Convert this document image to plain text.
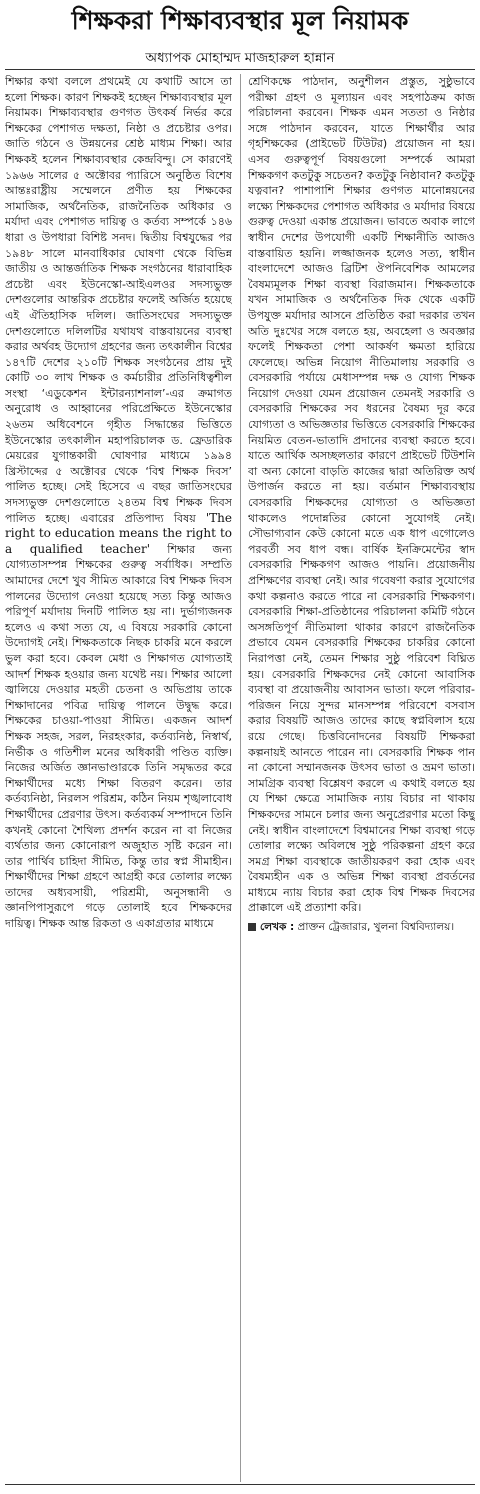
শিক্ষকরা শিক্ষাব্যবস্থার মূল নিয়ামক
অধ্যাপক মোহাম্মদ মাজহারুল হান্নান

শিক্ষার কথা বললে প্রথমেই যে কথাটি আসে তা হলো শিক্ষক। কারণ শিক্ষকই হচ্ছেন শিক্ষাব্যবস্থার মূল নিয়ামক। শিক্ষাব্যবস্থার গুণগত উৎকর্ষ নির্ভর করে শিক্ষকের পেশাগত দক্ষতা, নিষ্ঠা ও প্রচেষ্টার ওপর। জাতি গঠনে ও উন্নয়নের শ্রেষ্ঠ মাধ্যম শিক্ষা। আর শিক্ষকই হলেন শিক্ষাব্যবস্থার কেন্দ্রবিন্দু। সে কারণেই ১৯৬৬ সালের ৫ অক্টোবর প্যারিসে অনুষ্ঠিত বিশেষ আন্তঃরাষ্ট্রীয় সম্মেলনে প্রণীত হয় শিক্ষকের সামাজিক, অর্থনৈতিক, রাজনৈতিক অধিকার ও মর্যাদা এবং পেশাগত দায়িত্ব ও কর্তব্য সম্পর্কে ১৪৬ ধারা ও উপধারা বিশিষ্ট সনদ। দ্বিতীয় বিশ্বযুদ্ধের পর ১৯৪৮ সালে মানবাধিকার ঘোষণা থেকে বিভিন্ন জাতীয় ও আন্তর্জাতিক শিক্ষক সংগঠনের ধারাবাহিক প্রচেষ্টা এবং ইউনেস্কো-আইএলওর সদস্যভুক্ত দেশগুলোর আন্তরিক প্রচেষ্টার ফলেই অর্জিত হয়েছে এই ঐতিহাসিক দলিল। জাতিসংঘের সদস্যভুক্ত দেশগুলোতে দলিলটির যথাযথ বাস্তবায়নের ব্যবস্থা করার অর্থবহ উদ্যোগ গ্রহণের জন্য তৎকালীন বিশ্বের ১৪৭টি দেশের ২১০টি শিক্ষক সংগঠনের প্রায় দুই কোটি ৩০ লাখ শিক্ষক ও কর্মচারীর প্রতিনিধিত্বশীল সংস্থা ‘এডুকেশন ইন্টারন্যাশনাল’-এর ক্রমাগত অনুরোধ ও আহ্বানের পরিপ্রেক্ষিতে ইউনেস্কোর ২৬তম অধিবেশনে গৃহীত সিদ্ধান্তের ভিত্তিতে ইউনেস্কোর তৎকালীন মহাপরিচালক ড. ফ্রেডারিক মেয়রের যুগান্তকারী ঘোষণার মাধ্যমে ১৯৯৪ খ্রিস্টাব্দের ৫ অক্টোবর থেকে ‘বিশ্ব শিক্ষক দিবস’ পালিত হচ্ছে। সেই হিসেবে এ বছর জাতিসংঘের সদস্যভুক্ত দেশগুলোতে ২৪তম বিশ্ব শিক্ষক দিবস পালিত হচ্ছে। এবারের প্রতিপাদ্য বিষয় 'The right to education means the right to a qualified teacher' শিক্ষার জন্য যোগ্যতাসম্পন্ন শিক্ষকের গুরুত্ব সর্বাধিক। সম্প্রতি আমাদের দেশে খুব সীমিত আকারে বিশ্ব শিক্ষক দিবস পালনের উদ্যোগ নেওয়া হয়েছে সত্য কিন্তু আজও পরিপূর্ণ মর্যাদায় দিনটি পালিত হয় না। দুর্ভাগ্যজনক হলেও এ কথা সত্য যে, এ বিষয়ে সরকারি কোনো উদ্যোগই নেই। শিক্ষকতাকে নিছক চাকরি মনে করলে ভুল করা হবে। কেবল মেধা ও শিক্ষাগত যোগ্যতাই আদর্শ শিক্ষক হওয়ার জন্য যথেষ্ট নয়। শিক্ষার আলো জ্বালিয়ে দেওয়ার মহতী চেতনা ও অভিপ্রায় তাকে শিক্ষাদানের পবিত্র দায়িত্ব পালনে উদ্বুদ্ধ করে। শিক্ষকের চাওয়া-পাওয়া সীমিত। একজন আদর্শ শিক্ষক সহজ, সরল, নিরহংকার, কর্তব্যনিষ্ঠ, নিস্বার্থ, নির্ভীক ও গতিশীল মনের অধিকারী পণ্ডিত ব্যক্তি। নিজের অর্জিত জ্ঞানভাণ্ডারকে তিনি সমৃদ্ধতর করে শিক্ষার্থীদের মধ্যে শিক্ষা বিতরণ করেন। তার কর্তব্যনিষ্ঠা, নিরলস পরিশ্রম, কঠিন নিয়ম শৃঙ্খলাবোধ শিক্ষার্থীদের প্রেরণার উৎস। কর্তব্যকর্ম সম্পাদনে তিনি কখনই কোনো শৈথিল্য প্রদর্শন করেন না বা নিজের ব্যর্থতার জন্য কোনোরূপ অজুহাত সৃষ্টি করেন না। তার পার্থিব চাহিদা সীমিত, কিন্তু তার স্বপ্ন সীমাহীন। শিক্ষার্থীদের শিক্ষা গ্রহণে আগ্রহী করে তোলার লক্ষ্যে তাদের অধ্যবসায়ী, পরিশ্রমী, অনুসন্ধানী ও জ্ঞানপিপাসুরূপে গড়ে তোলাই হবে শিক্ষকদের দায়িত্ব। শিক্ষক আন্ত রিকতা ও একাগ্রতার মাধ্যমে

শ্রেণিকক্ষে পাঠদান, অনুশীলন প্রস্তুত, সুষ্ঠুভাবে পরীক্ষা গ্রহণ ও মূল্যায়ন এবং সহপাঠক্রম কাজ পরিচালনা করবেন। শিক্ষক এমন সততা ও নিষ্ঠার সঙ্গে পাঠদান করবেন, যাতে শিক্ষার্থীর আর গৃহশিক্ষকের (প্রাইভেট টিউটর) প্রয়োজন না হয়। এসব গুরুত্বপূর্ণ বিষয়গুলো সম্পর্কে আমরা শিক্ষকগণ কতটুকু সচেতন? কতটুকু নিষ্ঠাবান? কতটুকু যত্নবান? পাশাপাশি শিক্ষার গুণগত মানোন্নয়নের লক্ষ্যে শিক্ষকদের পেশাগত অধিকার ও মর্যাদার বিষয়ে গুরুত্ব দেওয়া একান্ত প্রয়োজন। ভাবতে অবাক লাগে স্বাধীন দেশের উপযোগী একটি শিক্ষানীতি আজও বাস্তবায়িত হয়নি। লজ্জাজনক হলেও সত্য, স্বাধীন বাংলাদেশে আজও ব্রিটিশ ঔপনিবেশিক আমলের বৈষম্যমূলক শিক্ষা ব্যবস্থা বিরাজমান। শিক্ষকতাকে যখন সামাজিক ও অর্থনৈতিক দিক থেকে একটি উপযুক্ত মর্যাদার আসনে প্রতিষ্ঠিত করা দরকার তখন অতি দুঃখের সঙ্গে বলতে হয়, অবহেলা ও অবজ্ঞার ফলেই শিক্ষকতা পেশা আকর্ষণ ক্ষমতা হারিয়ে ফেলেছে। অভিন্ন নিয়োগ নীতিমালায় সরকারি ও বেসরকারি পর্যায়ে মেধাসম্পন্ন দক্ষ ও যোগ্য শিক্ষক নিয়োগ দেওয়া যেমন প্রয়োজন তেমনই সরকারি ও বেসরকারি শিক্ষকের সব ধরনের বৈষম্য দূর করে যোগ্যতা ও অভিজ্ঞতার ভিত্তিতে বেসরকারি শিক্ষকের নিয়মিত বেতন-ভাতাদি প্রদানের ব্যবস্থা করতে হবে। যাতে আর্থিক অসচ্ছলতার কারণে প্রাইভেট টিউশনি বা অন্য কোনো বাড়তি কাজের দ্বারা অতিরিক্ত অর্থ উপার্জন করতে না হয়। বর্তমান শিক্ষাব্যবস্থায় বেসরকারি শিক্ষকদের যোগ্যতা ও অভিজ্ঞতা থাকলেও পদোন্নতির কোনো সুযোগই নেই। সৌভাগ্যবান কেউ কোনো মতে এক ধাপ এগোলেও পরবর্তী সব ধাপ বন্ধ। বার্ষিক ইনক্রিমেন্টের স্বাদ বেসরকারি শিক্ষকগণ আজও পায়নি। প্রয়োজনীয় প্রশিক্ষণের ব্যবস্থা নেই। আর গবেষণা করার সুযোগের কথা কল্পনাও করতে পারে না বেসরকারি শিক্ষকগণ। বেসরকারি শিক্ষা-প্রতিষ্ঠানের পরিচালনা কমিটি গঠনে অসঙ্গতিপূর্ণ নীতিমালা থাকার কারণে রাজনৈতিক প্রভাবে যেমন বেসরকারি শিক্ষকের চাকরির কোনো নিরাপত্তা নেই, তেমন শিক্ষার সুষ্ঠু পরিবেশ বিঘ্নিত হয়। বেসরকারি শিক্ষকদের নেই কোনো আবাসিক ব্যবস্থা বা প্রয়োজনীয় আবাসন ভাতা। ফলে পরিবার-পরিজন নিয়ে সুন্দর মানসম্পন্ন পরিবেশে বসবাস করার বিষয়টি আজও তাদের কাছে স্বপ্নবিলাস হয়ে রয়ে গেছে। চিত্তবিনোদনের বিষয়টি শিক্ষকরা কল্পনায়ই আনতে পারেন না। বেসরকারি শিক্ষক পান না কোনো সম্মানজনক উৎসব ভাতা ও ভ্রমণ ভাতা। সামগ্রিক ব্যবস্থা বিশ্লেষণ করলে এ কথাই বলতে হয় যে শিক্ষা ক্ষেত্রে সামাজিক ন্যায় বিচার না থাকায় শিক্ষকদের সামনে চলার জন্য অনুপ্রেরণার মতো কিছু নেই। স্বাধীন বাংলাদেশে বিশ্বমানের শিক্ষা ব্যবস্থা গড়ে তোলার লক্ষ্যে অবিলম্বে সুষ্ঠু পরিকল্পনা গ্রহণ করে সমগ্র শিক্ষা ব্যবস্থাকে জাতীয়করণ করা হোক এবং বৈষম্যহীন এক ও অভিন্ন শিক্ষা ব্যবস্থা প্রবর্তনের মাধ্যমে ন্যায় বিচার করা হোক বিশ্ব শিক্ষক দিবসের প্রাক্কালে এই প্রত্যাশা করি।

লেখক : প্রাক্তন ট্রেজারার, খুলনা বিশ্ববিদ্যালয়।
